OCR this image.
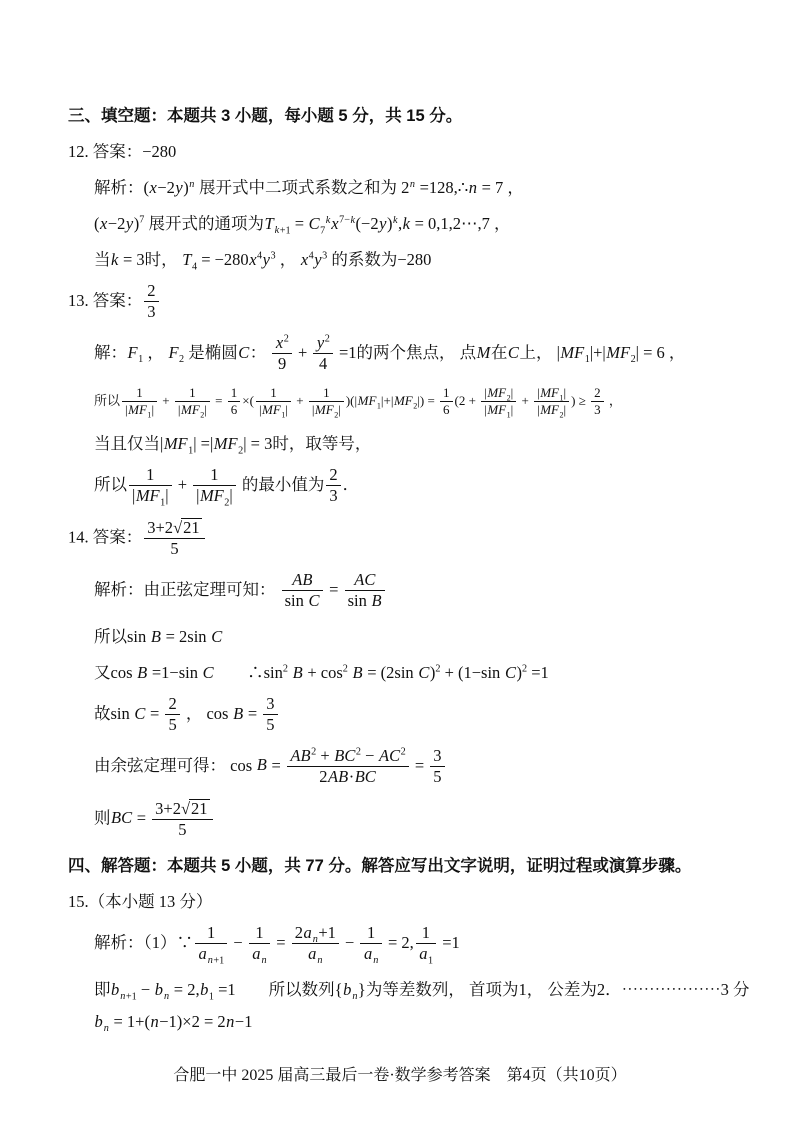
三、填空题：本题共 3 小题，每小题 5 分，共 15 分。
12. 答案：−280
解析：$(x-2y)^n$ 展开式中二项式系数之和为 $2^n$ =128,∴n = 7 ，
$(x-2y)^7$ 展开式的通项为$T_{k+1} = C_7^kx^{7-k}(-2y)^k,k$ = 0,1,2⋯,7 ，
当k = 3时， $T_4 = -280x^4y^3$ ， $x^4y^3$ 的系数为−280
13. 答案： $\frac{2}{3}$
解：$F_1$ ， $F_2$ 是椭圆C： $\frac{x^2}{9} + \frac{y^2}{4} =1$的两个焦点， 点M在C上， $|MF_1|+|MF_2| = 6$ ，
所以 $\frac{1}{|MF_1|} + \frac{1}{|MF_2|} = \frac{1}{6}$ ×( $\frac{1}{|MF_1|} + \frac{1}{|MF_2|} )(|MF_1|+|MF_2|) = \frac{1}{6} (2 + \frac{|MF_2|}{|MF_1|} + \frac{|MF_1|}{|MF_2|}$ ) ≥ $\frac{2}{3}$ ，
当且仅当$|MF_1| =|MF_2| = 3$时，取等号，
所以 $\frac{1}{|MF_1|} + \frac{1}{|MF_2|}$ 的最小值为 $\frac{2}{3}$ ．
14. 答案： $\frac{3+2√21}{5}$
解析：由正弦定理可知： $\frac{AB}{\text{sin C}} = \frac{AC}{\text{sin B}}$
所以sin B = 2sin C
又cos B =1−sin C　　$\therefore\sin^2$ $B + \cos^2 B = (2\sin$ C)$^2$ + (1−sin C)$^2$ =1
故$\sin C = \frac{2}{5}$ ， $\cos B = \frac{3}{5}$
由余弦定理可得： $\cos B = \frac{AB^2 + BC^2 - AC^2}{2AB\cdot BC} = \frac{3}{5}$
则BC = $\frac{3+2√21}{5}$
四、解答题：本题共 5 小题，共 77 分。解答应写出文字说明，证明过程或演算步骤。
15.（本小题 13 分）
解析：（1）∵ $\frac{1}{a_{n+1}} - \frac{1}{a_n} = \frac{2a_n+1}{a_n} - \frac{1}{a_n} = 2$, $\frac{1}{a_1} =1$
即$b_{n+1} - b_n = 2,b_1 =1$　　所以数列$\{b_n\}$为等差数列， 首项为1， 公差为2．⋯⋯⋯⋯⋯⋯3 分
$b_n = 1+(n-1)\times 2 = 2n-1$
合肥一中 2025 届高三最后一卷·数学参考答案　第4页（共10页）
